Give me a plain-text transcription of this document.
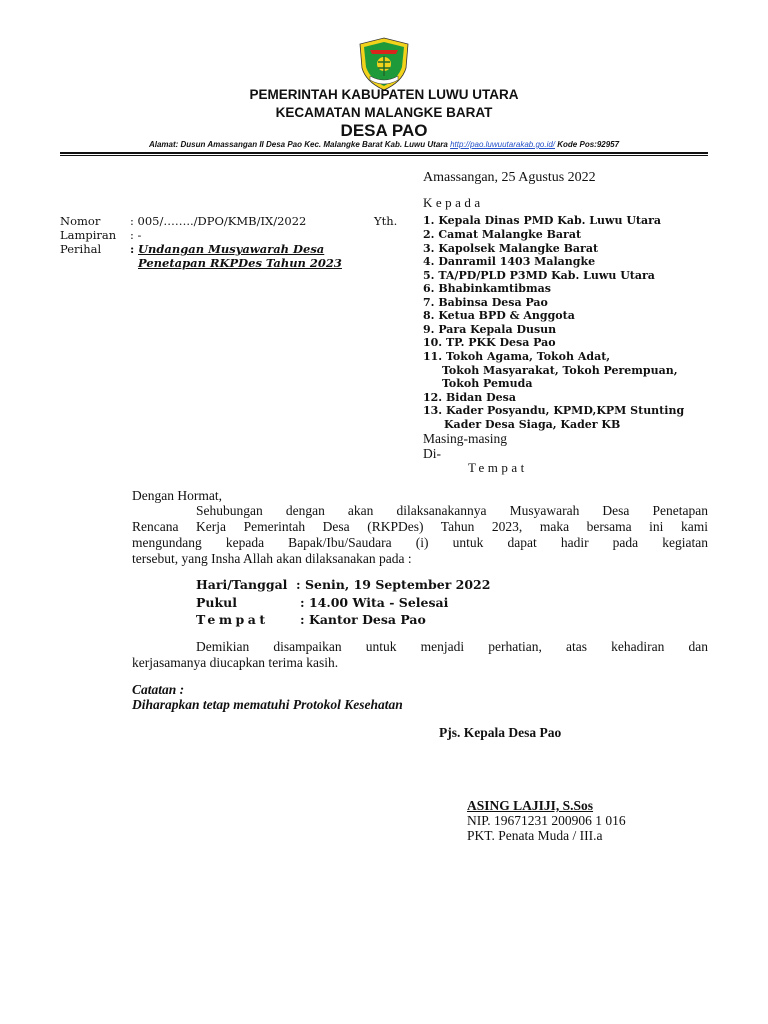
PEMERINTAH KABUPATEN LUWU UTARA
KECAMATAN MALANGKE BARAT
DESA PAO
Alamat: Dusun Amassangan II Desa Pao Kec. Malangke Barat Kab. Luwu Utara http://pao.luwuutarakab.go.id/ Kode Pos:92957
Amassangan, 25 Agustus 2022
Kepada
Nomor	: 005/……../DPO/KMB/IX/2022
Lampiran : -
Perihal	: Undangan Musyawarah Desa
Penetapan RKPDes Tahun 2023
Yth. 1. Kepala Dinas PMD Kab. Luwu Utara
2. Camat Malangke Barat
3. Kapolsek Malangke Barat
4. Danramil 1403 Malangke
5. TA/PD/PLD P3MD Kab. Luwu Utara
6. Bhabinkamtibmas
7. Babinsa Desa Pao
8. Ketua BPD & Anggota
9. Para Kepala Dusun
10. TP. PKK Desa Pao
11. Tokoh Agama, Tokoh Adat,
Tokoh Masyarakat, Tokoh Perempuan,
Tokoh Pemuda
12. Bidan Desa
13. Kader Posyandu, KPMD,KPM Stunting
Kader Desa Siaga, Kader KB
Masing-masing
Di-
Tempat
Dengan Hormat,
Sehubungan dengan akan dilaksanakannya Musyawarah Desa Penetapan
Rencana Kerja Pemerintah Desa (RKPDes) Tahun 2023, maka bersama ini kami
mengundang kepada Bapak/Ibu/Saudara (i) untuk dapat hadir pada kegiatan
tersebut, yang Insha Allah akan dilaksanakan pada :
Hari/Tanggal : Senin, 19 September 2022
Pukul	: 14.00 Wita - Selesai
Tempat	: Kantor Desa Pao
Demikian disampaikan untuk menjadi perhatian, atas kehadiran dan
kerjasamanya diucapkan terima kasih.
Catatan :
Diharapkan tetap mematuhi Protokol Kesehatan
Pjs. Kepala Desa Pao
ASING LAJIJI, S.Sos
NIP. 19671231 200906 1 016
PKT. Penata Muda / III.a
